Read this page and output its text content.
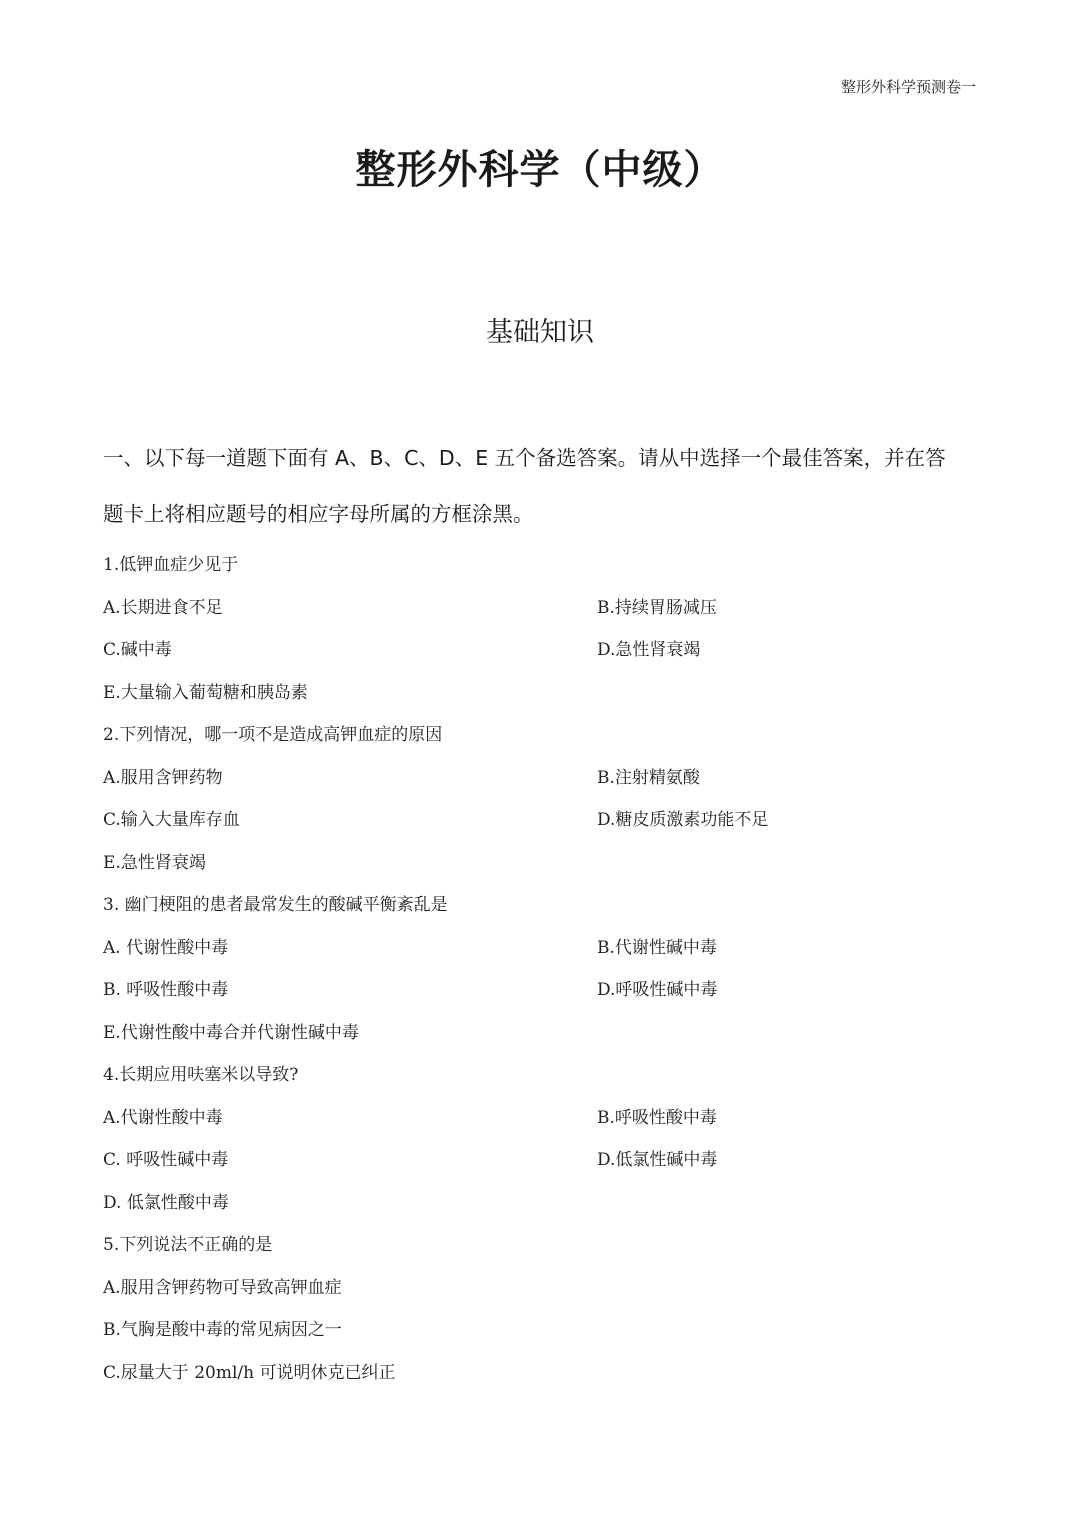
整形外科学预测卷一
整形外科学（中级）
基础知识
一、以下每一道题下面有 A、B、C、D、E 五个备选答案。请从中选择一个最佳答案，并在答
题卡上将相应题号的相应字母所属的方框涂黑。
1.低钾血症少见于
A.长期进食不足	B.持续胃肠减压
C.碱中毒	D.急性肾衰竭
E.大量输入葡萄糖和胰岛素
2.下列情况，哪一项不是造成高钾血症的原因
A.服用含钾药物	B.注射精氨酸
C.输入大量库存血	D.糖皮质激素功能不足
E.急性肾衰竭
3. 幽门梗阻的患者最常发生的酸碱平衡紊乱是
A. 代谢性酸中毒	B.代谢性碱中毒
B. 呼吸性酸中毒	D.呼吸性碱中毒
E.代谢性酸中毒合并代谢性碱中毒
4.长期应用呋塞米以导致?
A.代谢性酸中毒	B.呼吸性酸中毒
C. 呼吸性碱中毒	D.低氯性碱中毒
D. 低氯性酸中毒
5.下列说法不正确的是
A.服用含钾药物可导致高钾血症
B.气胸是酸中毒的常见病因之一
C.尿量大于 20ml/h 可说明休克已纠正
